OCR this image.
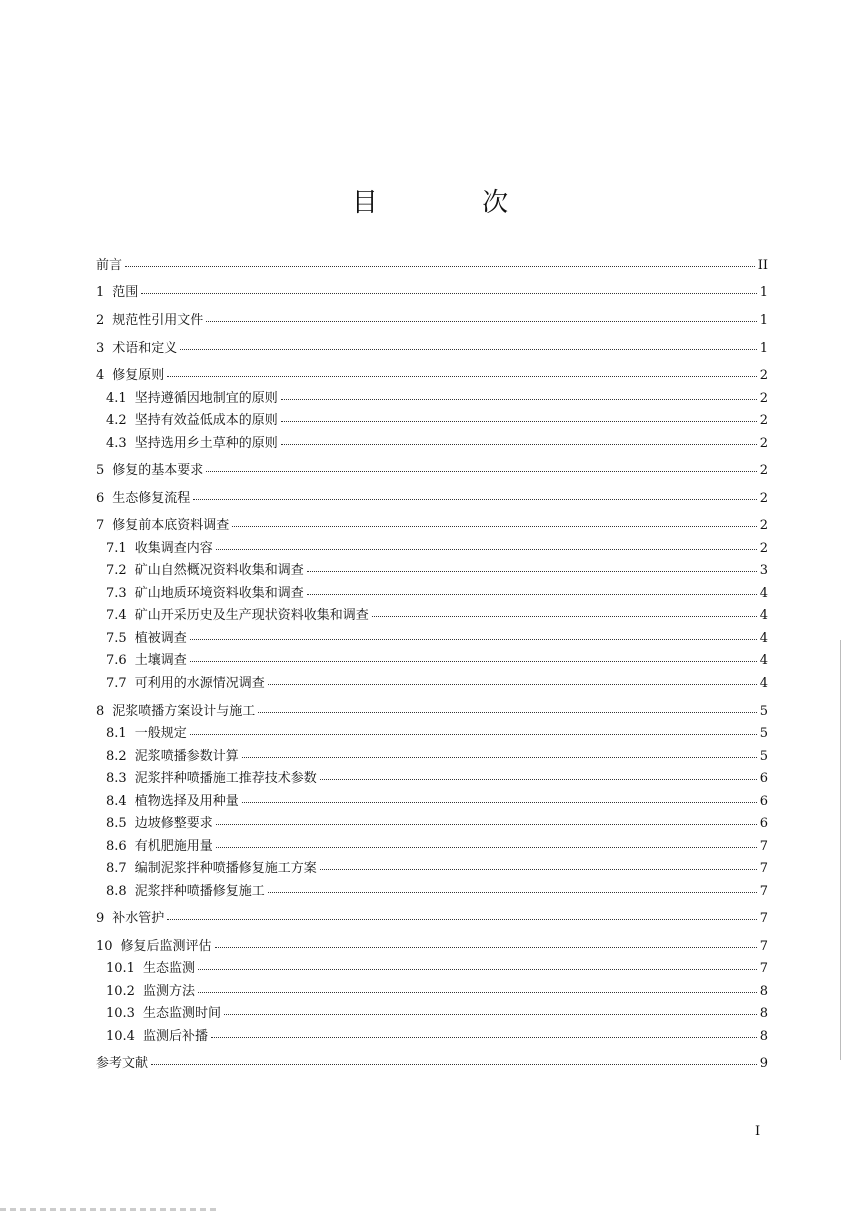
目 次
前言	II
1 范围	1
2 规范性引用文件	1
3 术语和定义	1
4 修复原则	2
4.1 坚持遵循因地制宜的原则	2
4.2 坚持有效益低成本的原则	2
4.3 坚持选用乡土草种的原则	2
5 修复的基本要求	2
6 生态修复流程	2
7 修复前本底资料调查	2
7.1 收集调查内容	2
7.2 矿山自然概况资料收集和调查	3
7.3 矿山地质环境资料收集和调查	4
7.4 矿山开采历史及生产现状资料收集和调查	4
7.5 植被调查	4
7.6 土壤调查	4
7.7 可利用的水源情况调查	4
8 泥浆喷播方案设计与施工	5
8.1 一般规定	5
8.2 泥浆喷播参数计算	5
8.3 泥浆拌种喷播施工推荐技术参数	6
8.4 植物选择及用种量	6
8.5 边坡修整要求	6
8.6 有机肥施用量	7
8.7 编制泥浆拌种喷播修复施工方案	7
8.8 泥浆拌种喷播修复施工	7
9 补水管护	7
10 修复后监测评估	7
10.1 生态监测	7
10.2 监测方法	8
10.3 生态监测时间	8
10.4 监测后补播	8
参考文献	9
I
